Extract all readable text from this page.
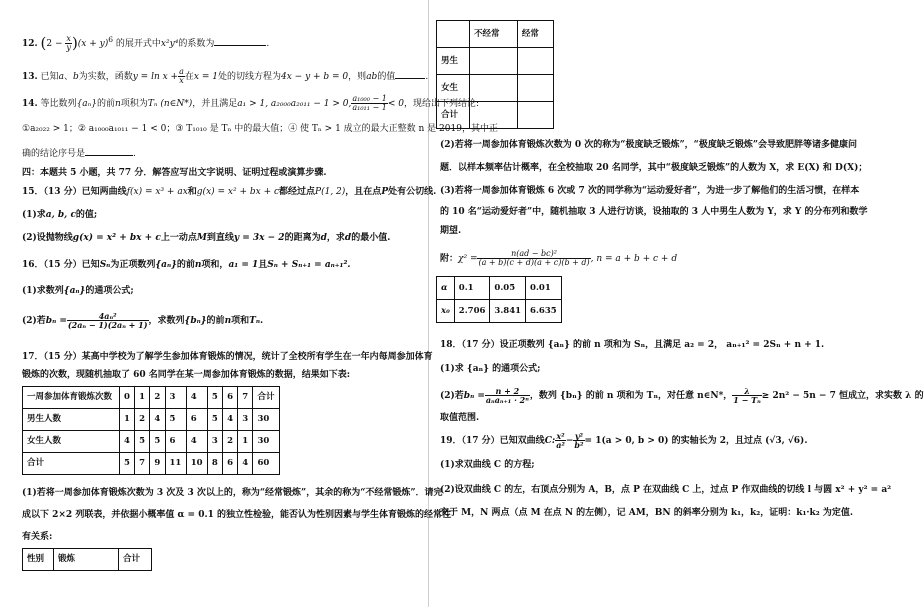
12. $(2 - \frac{x}{y} )(x + y)^6$ 的展开式中x²y⁴的系数为	.
13. 已知a、b为实数，函数$y = \ln x + \frac{a}{x}$ 在x = 1处的切线方程为4x − y + b = 0，则ab的值	.
14. 等比数列{aₙ}的前n项积为Tₙ (n∈N*)，并且满足a₁ > 1, a₂₀₀₀a₂₀₁₁ − 1 > 0, $\frac{\text{a₁₀₀₀ − 1}}{\text{a₁₀₁₁ − 1}} < 0$，现给出下列结论:
①a₂₀₂₂ > 1；② a₁₀₀₀a₁₀₁₁ − 1 < 0；③ T₁₀₁₀ 是 Tₙ 中的最大值；④ 使 Tₙ > 1 成立的最大正整数 n 是 2019，其中正
确的结论序号是	.
四：本题共 5 小题，共 77 分．解答应写出文字说明、证明过程或演算步骤.
15．（13 分）已知两曲线f(x) = x³ + ax和g(x) = x² + bx + c都经过点P(1, 2)，且在点P处有公切线.
(1)求a, b, c的值;
(2)设抛物线g(x) = x² + bx + c上一动点M到直线y = 3x − 2的距离为d，求d的最小值.
16．（15 分）已知Sₙ为正项数列{aₙ}的前n项和，a₁ = 1且Sₙ + Sₙ₊₁ = aₙ₊₁².
(1)求数列{aₙ}的通项公式;
(2)若$b_n = \frac{\text{4aₙ²}}{\text{(2aₙ − 1)(2aₙ + 1)}}$ ，求数列{bₙ}的前n项和Tₙ.
17．（15 分）某高中学校为了解学生参加体育锻炼的情况，统计了全校所有学生在一年内每周参加体育
锻炼的次数，现随机抽取了 60 名同学在某一周参加体育锻炼的数据，结果如下表:
一周参加体育锻炼次数	0	1	2	3	4	5	6	7	合计
男生人数	1	2	4	5	6	5	4	3	30
女生人数	4	5	5	6	4	3	2	1	30
合计	5	7	9	11	10	8	6	4	60
(1)若将一周参加体育锻炼次数为 3 次及 3 次以上的，称为“经常锻炼”，其余的称为“不经常锻炼”．请完
成以下 2×2 列联表，并依据小概率值 α = 0.1 的独立性检验，能否认为性别因素与学生体育锻炼的经常性
有关系:
性别	锻炼	合计
	不经常	经常
男生		
女生		
合计		
(2)若将一周参加体育锻炼次数为 0 次的称为“极度缺乏锻炼”，“极度缺乏锻炼”会导致肥胖等诸多健康问
题．以样本频率估计概率，在全校抽取 20 名同学，其中“极度缺乏锻炼”的人数为 X，求 E(X) 和 D(X)；
(3)若将一周参加体育锻炼 6 次或 7 次的同学称为“运动爱好者”，为进一步了解他们的生活习惯，在样本
的 10 名“运动爱好者”中，随机抽取 3 人进行访谈，设抽取的 3 人中男生人数为 Y，求 Y 的分布列和数学
期望.
附：$\chi^2 = \frac{\text{n(ad − bc)²}}{(a + b)(c + d)(a + c)(b + d)}$ , n = a + b + c + d
α	0.1	0.05	0.01
x₀	2.706	3.841	6.635
18．（17 分）设正项数列 {aₙ} 的前 n 项和为 Sₙ，且满足 a₂ = 2， aₙ₊₁² = 2Sₙ + n + 1.
(1)求 {aₙ} 的通项公式;
(2)若$b_n = \frac{n + 2}{\text{aₙaₙ₊₁ · 2ⁿ}}$ ，数列 {bₙ} 的前 n 项和为 Tₙ，对任意 n∈N*， $\frac{\lambda}{\text{1 − Tₙ}} \ge 2n^2 - 5n - 7$ 恒成立，求实数 λ 的
取值范围.
19．（17 分）已知双曲线C: $\frac{\text{x²}}{\text{a²}} - \frac{\text{y²}}{\text{b²}} = 1(a > 0$, b > 0) 的实轴长为 2，且过点 (√3, √6).
(1)求双曲线 C 的方程;
(2)设双曲线 C 的左，右顶点分别为 A，B，点 P 在双曲线 C 上，过点 P 作双曲线的切线 l 与圆 x² + y² = a²
交于 M，N 两点（点 M 在点 N 的左侧），记 AM，BN 的斜率分别为 k₁，k₂，证明：k₁·k₂ 为定值.
